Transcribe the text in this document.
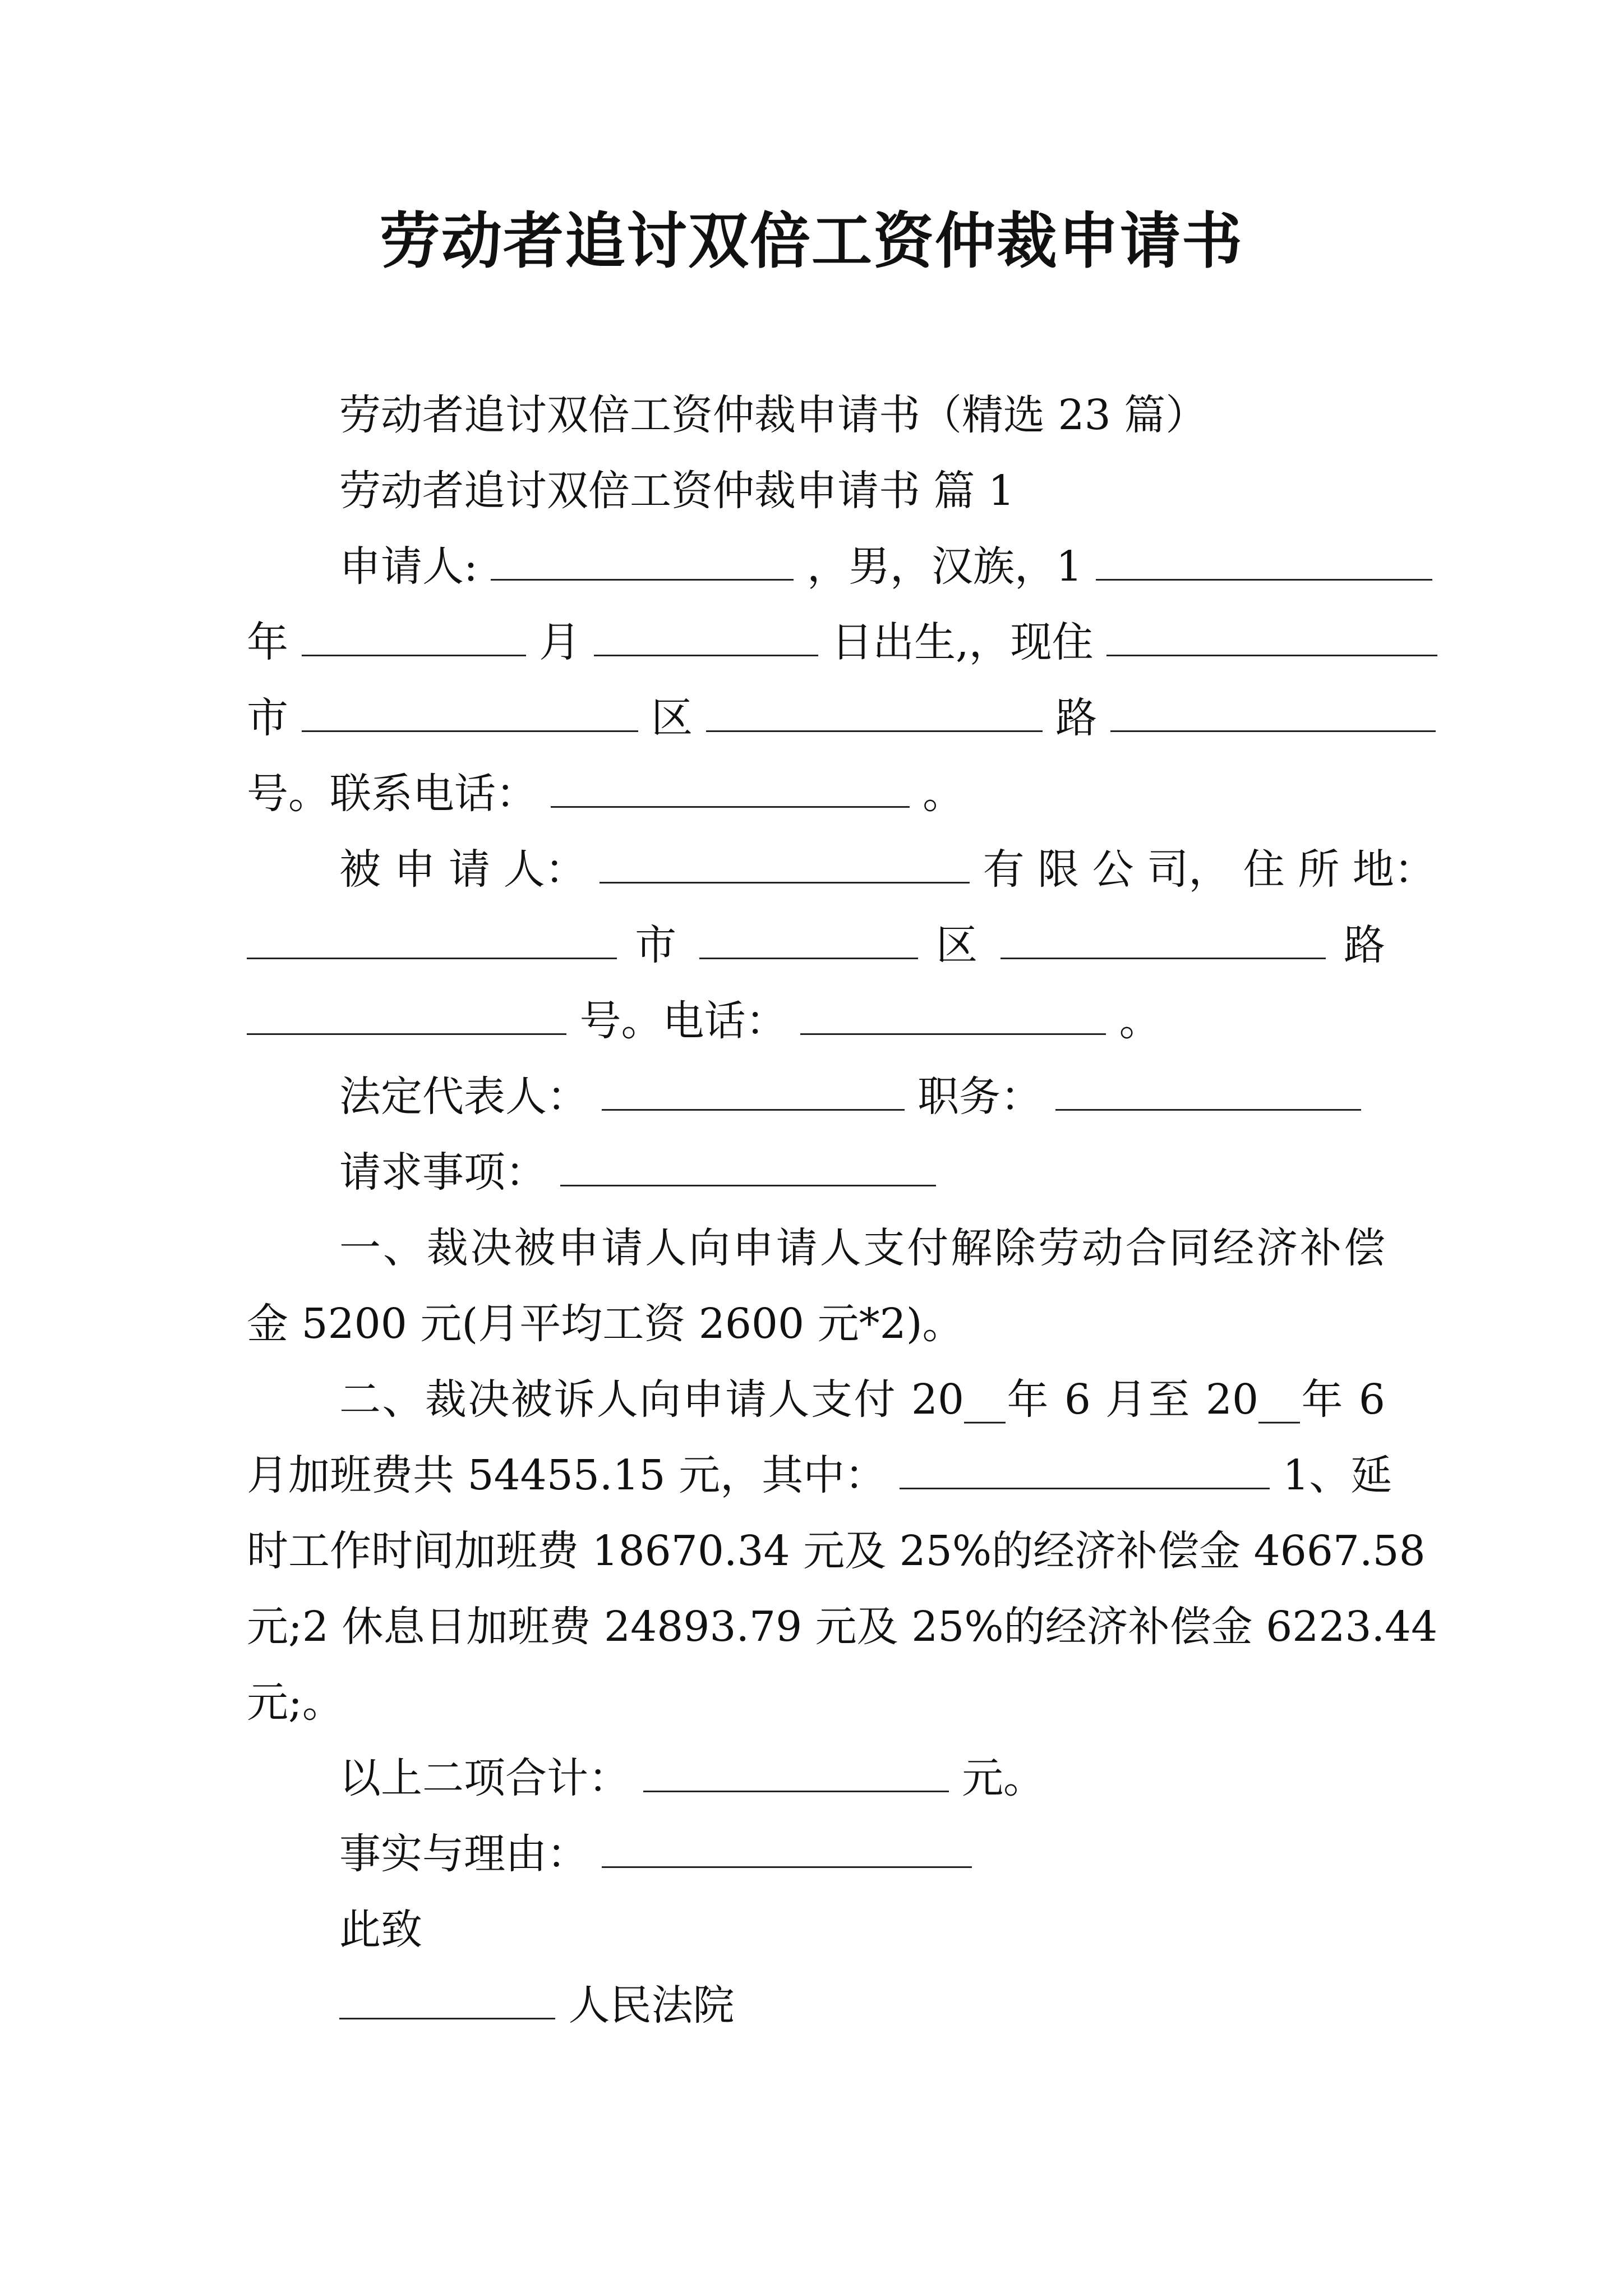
劳动者追讨双倍工资仲裁申请书
劳动者追讨双倍工资仲裁申请书（精选 23 篇）
劳动者追讨双倍工资仲裁申请书 篇 1
申请人:	，男，汉族，1
年	月	日出生,，现住
市	区	路
号。联系电话：	。
被 申 请 人：	有 限 公 司， 住 所 地：
市	区	路
号。电话：	。
法定代表人：	职务：
请求事项：
一、裁决被申请人向申请人支付解除劳动合同经济补偿
金 5200 元(月平均工资 2600 元*2)。
二、裁决被诉人向申请人支付 20__年 6 月至 20__年 6
月加班费共 54455.15 元，其中：	1、延
时工作时间加班费 18670.34 元及 25%的经济补偿金 4667.58
元;2 休息日加班费 24893.79 元及 25%的经济补偿金 6223.44
元;。
以上二项合计：	元。
事实与理由：
此致
人民法院
